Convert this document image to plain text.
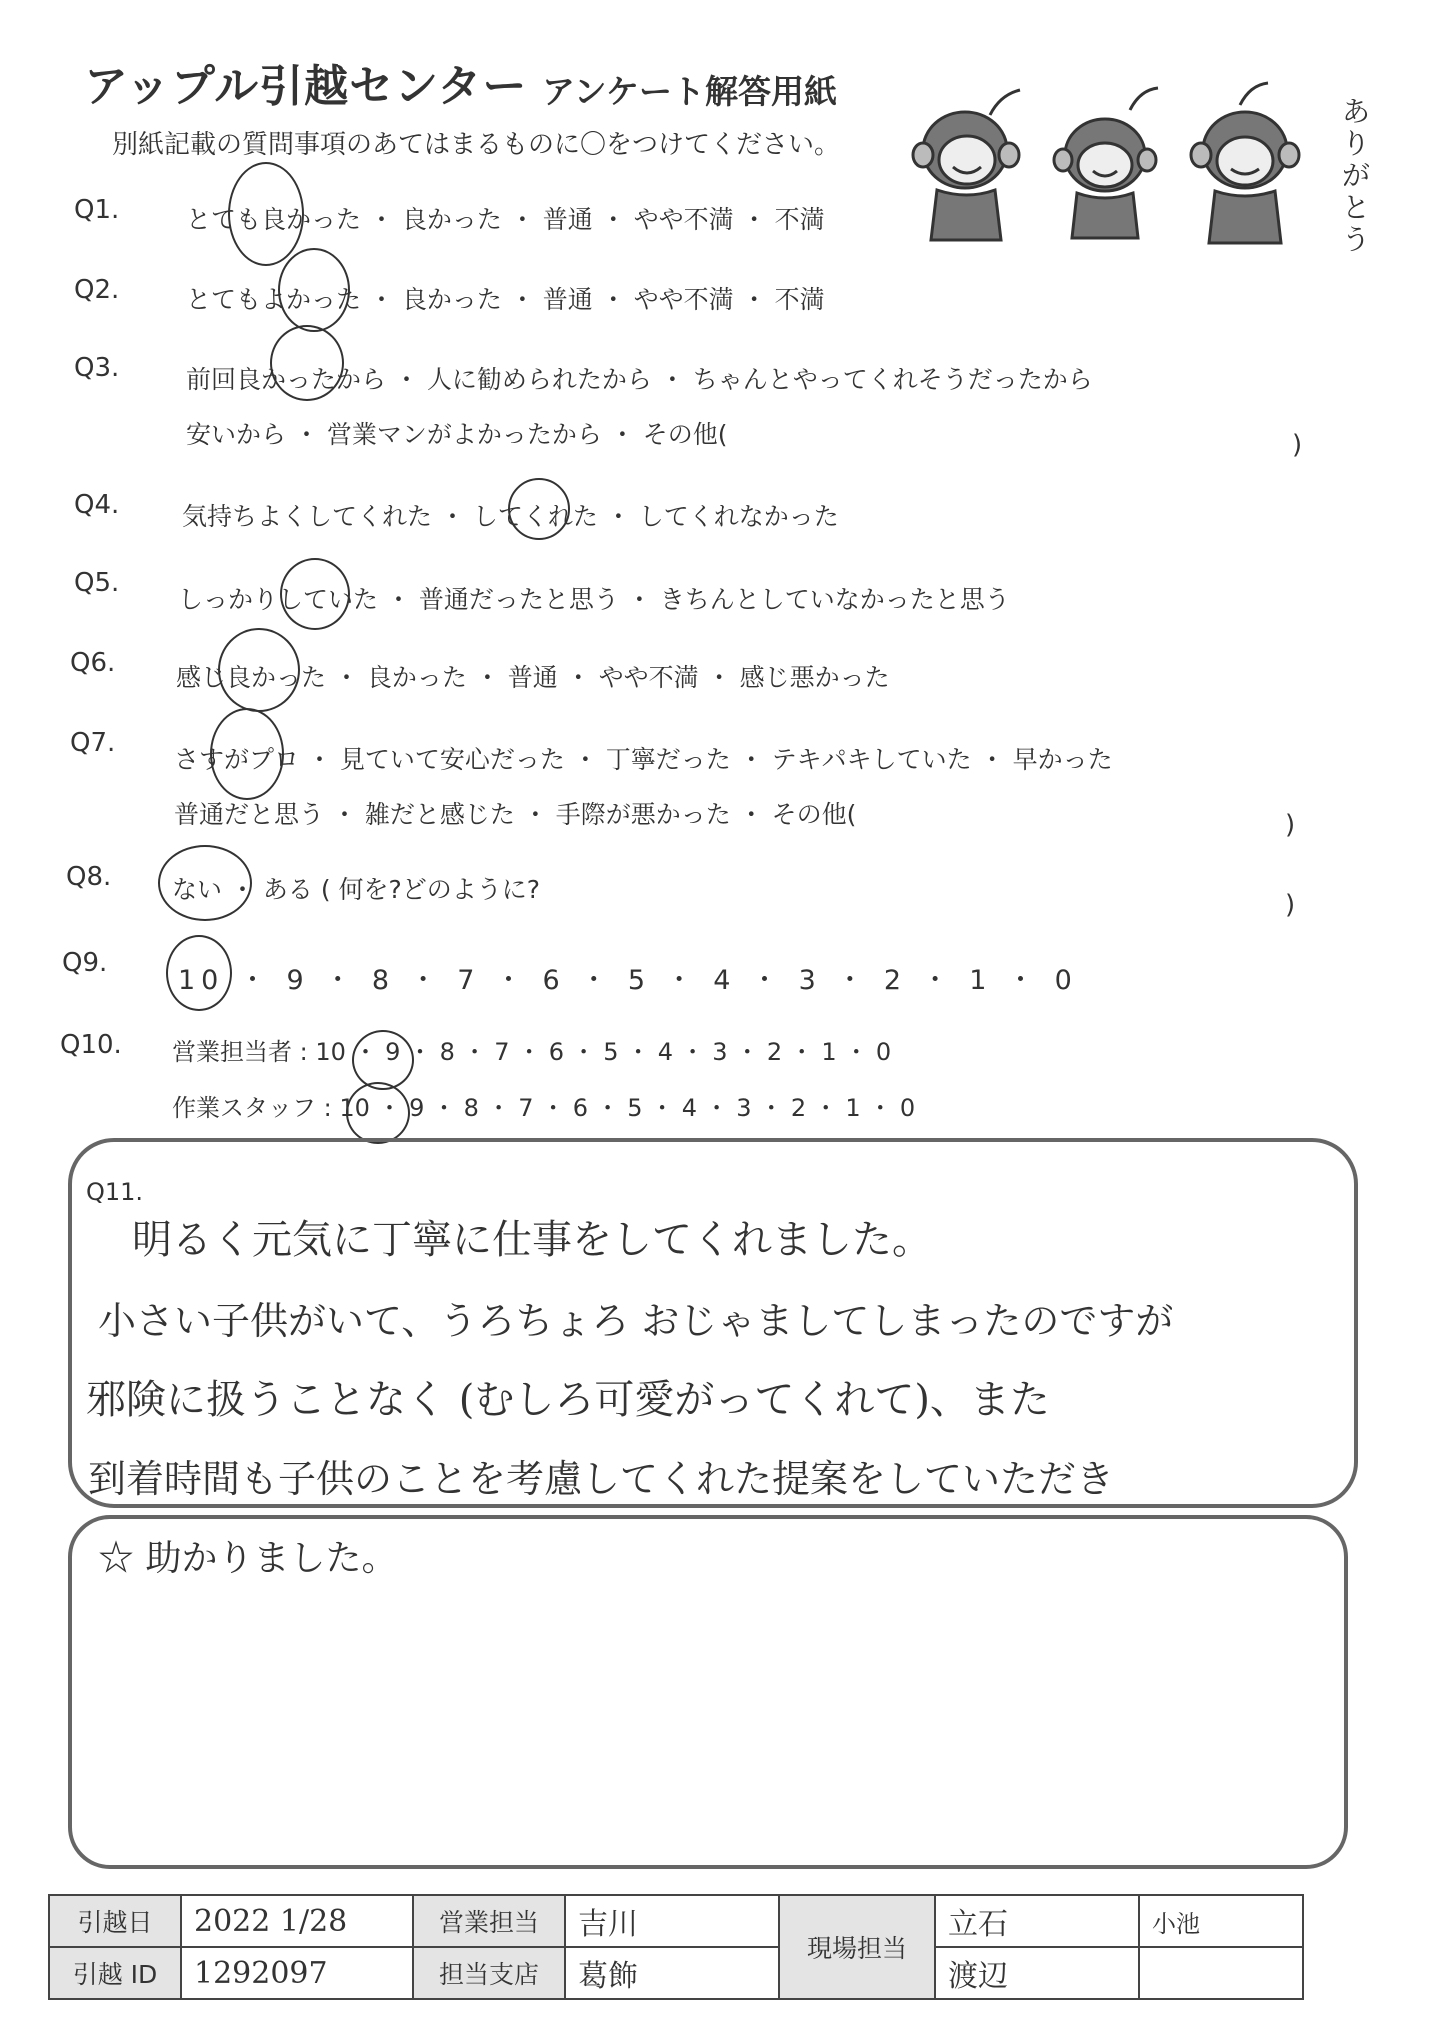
アップル引越センター アンケート解答用紙
別紙記載の質問事項のあてはまるものに〇をつけてください。
ありがとう
Q1.	とても良かった ・ 良かった ・ 普通 ・ やや不満 ・ 不満
Q2.	とてもよかった ・ 良かった ・ 普通 ・ やや不満 ・ 不満
Q3.	前回良かったから ・ 人に勧められたから ・ ちゃんとやってくれそうだったから
安いから ・ 営業マンがよかったから ・ その他(	)
Q4.	気持ちよくしてくれた ・ してくれた ・ してくれなかった
Q5.
しっかりしていた ・ 普通だったと思う ・ きちんとしていなかったと思う
Q6. 感じ良かった ・ 良かった ・ 普通 ・ やや不満 ・ 感じ悪かった
Q7.
さすがプロ ・ 見ていて安心だった ・ 丁寧だった ・ テキパキしていた ・ 早かった
普通だと思う ・ 雑だと感じた ・ 手際が悪かった ・ その他(	)
Q8. ない ・ ある ( 何を?どのように?
)
Q9.
10 ・ 9 ・ 8 ・ 7 ・ 6 ・ 5 ・ 4 ・ 3 ・ 2 ・ 1 ・ 0
Q10. 営業担当者 : 10 ・ 9 ・ 8 ・ 7 ・ 6 ・ 5 ・ 4 ・ 3 ・ 2 ・ 1 ・ 0
作業スタッフ : 10 ・ 9 ・ 8 ・ 7 ・ 6 ・ 5 ・ 4 ・ 3 ・ 2 ・ 1 ・ 0
Q11.
明るく元気に丁寧に仕事をしてくれました。
小さい子供がいて、うろちょろ おじゃましてしまったのですが
邪険に扱うことなく (むしろ可愛がってくれて)、また
到着時間も子供のことを考慮してくれた提案をしていただき
☆ 助かりました。
引越日	2022 1/28	営業担当	吉川	現場担当	立石	小池
引越 ID	1292097	担当支店	葛飾		渡辺	
